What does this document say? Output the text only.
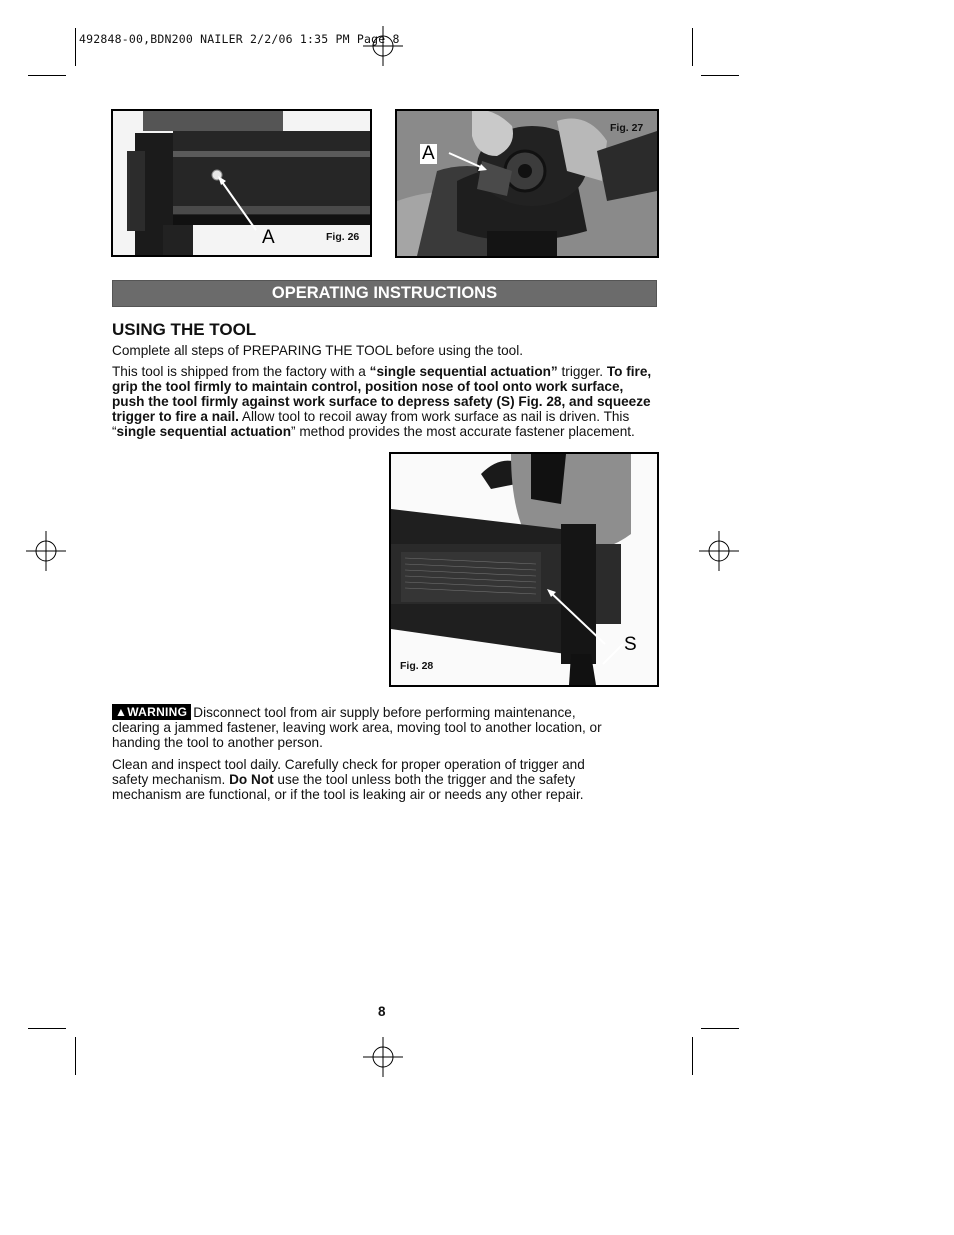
492848-00,BDN200 NAILER 2/2/06 1:35 PM Page 8
A	Fig. 26
A
Fig. 27
OPERATING INSTRUCTIONS
USING THE TOOL
Complete all steps of PREPARING THE TOOL before using the tool.
This tool is shipped from the factory with a “single sequential actuation” trigger. To fire, grip the tool firmly to maintain control, position nose of tool onto work surface, push the tool firmly against work surface to depress safety (S) Fig. 28, and squeeze trigger to fire a nail. Allow tool to recoil away from work surface as nail is driven. This “single sequential actuation” method provides the most accurate fastener placement.
S
Fig. 28
▲WARNING Disconnect tool from air supply before performing maintenance, clearing a jammed fastener, leaving work area, moving tool to another location, or handing the tool to another person.
Clean and inspect tool daily. Carefully check for proper operation of trigger and safety mechanism. Do Not use the tool unless both the trigger and the safety mechanism are functional, or if the tool is leaking air or needs any other repair.
8
